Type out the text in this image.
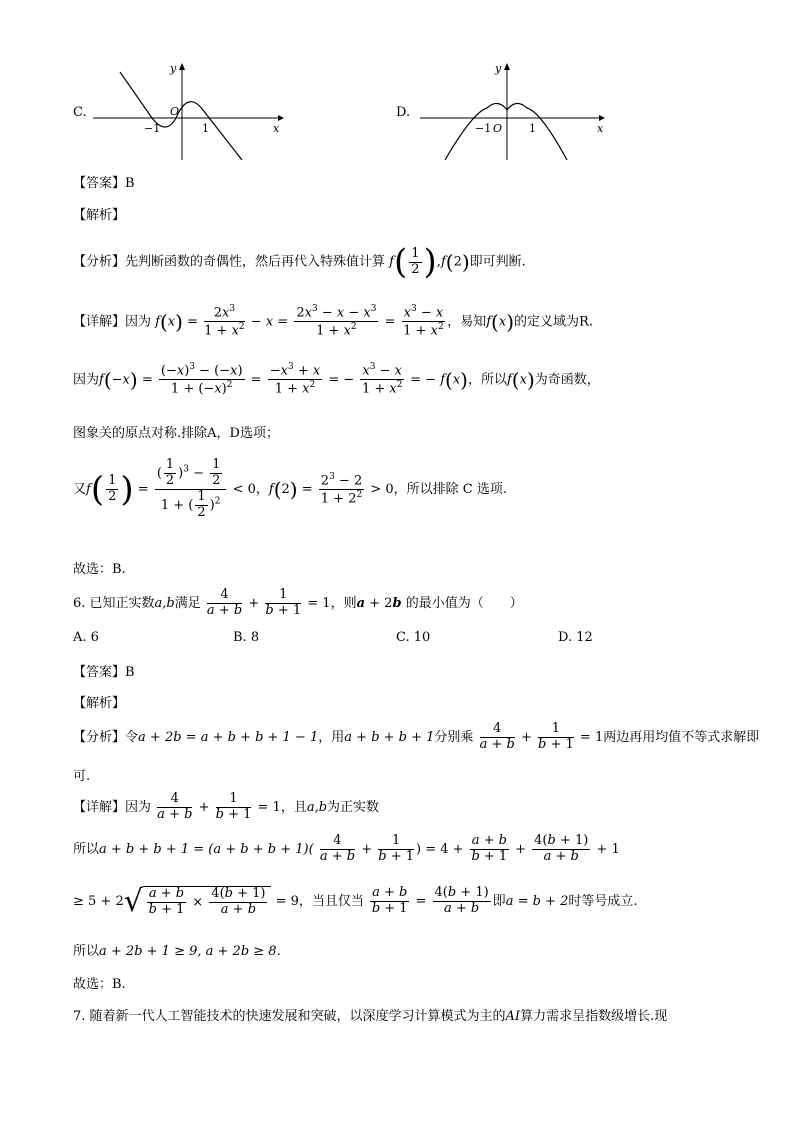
C.
y
x
O
−1	1
D.
y
x
O
−1	1
【答案】B
【解析】
【分析】先判断函数的奇偶性，然后再代入特殊值计算 $f( \frac{1}{2} ),f(2)$即可判断.
【详解】因为 $f(x) = \frac{2x^3}{1 + x^2} - x = \frac{2x^3 - x - x^3}{1 + x^2} = \frac{x^3 - x}{1 + x^2}$ ，易知f(x)的定义域为R.
因为$f(-x) = \frac{(-x)^3 - (-x)}{1 + (-x)^2} = \frac{-x^3 + x}{1 + x^2}$ = − $\frac{x^3 - x}{1 + x^2}$ = − f(x)，所以f(x)为奇函数，
图象关的原点对称.排除A，D选项；
又$f( \frac{1}{2}$ ) = $\frac{( \frac{1}{2} )^3 - \frac{1}{2}}{1 + ( \frac{1}{2} )^2} < 0$，$f(2) = \frac{2^3 - 2}{1 + 2^2} > 0$，所以排除 C 选项.
故选：B.
6. 已知正实数a,b满足 $\frac{4}{a + b} + \frac{1}{b + 1} = 1$，则a + 2b 的最小值为（　　）
A. 6	B. 8	C. 10	D. 12
【答案】B
【解析】
【分析】令a + 2b = a + b + b + 1 − 1，用a + b + b + 1分别乘 $\frac{4}{a + b} + \frac{1}{b + 1} = 1$两边再用均值不等式求解即
可.
【详解】因为 $\frac{4}{a + b} + \frac{1}{b + 1} = 1$，且a,b为正实数
所以$a + b + b + 1 = (a + b + b + 1)( \frac{4}{a + b} + \frac{1}{b + 1}$ ) = $4 + \frac{a + b}{b + 1} + \frac{4(b + 1)}{a + b} + 1$
≥ $5 + 2√ \frac{a + b}{b + 1} \times \frac{4(b + 1)}{a + b} = 9$，当且仅当 $\frac{a + b}{b + 1} = \frac{4(b + 1)}{a + b}$ 即a = b + 2时等号成立.
所以a + 2b + 1 ≥ 9, a + 2b ≥ 8.
故选：B.
7. 随着新一代人工智能技术的快速发展和突破，以深度学习计算模式为主的AI算力需求呈指数级增长.现
